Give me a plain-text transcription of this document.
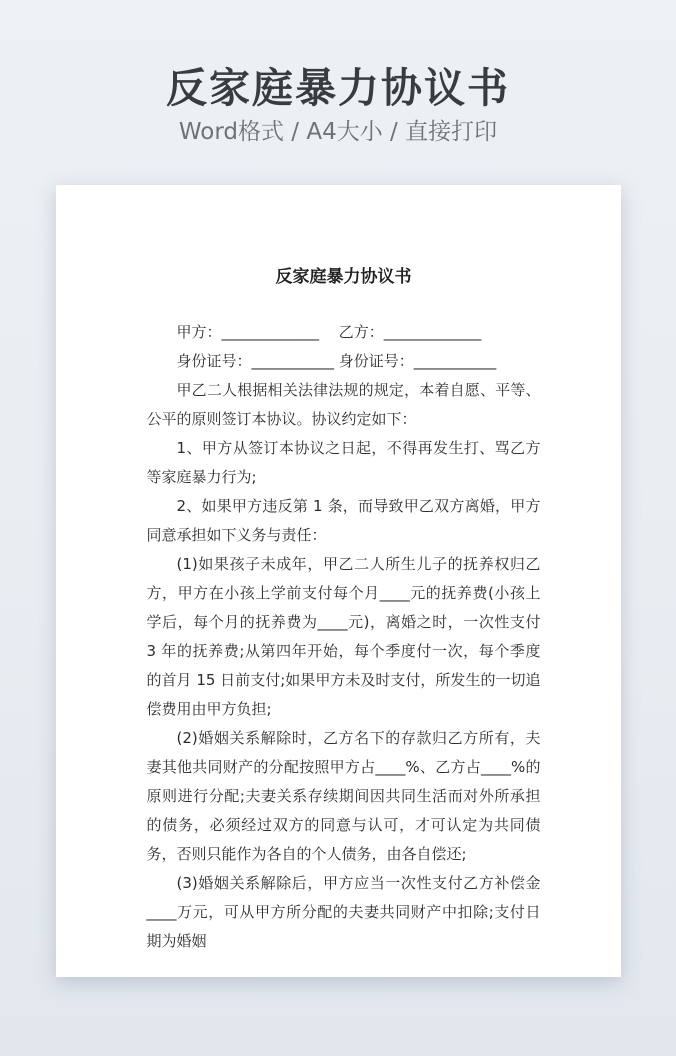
反家庭暴力协议书
Word格式 / A4大小 / 直接打印
反家庭暴力协议书

甲方：_____________ 　乙方：_____________

身份证号：___________ 身份证号：___________

甲乙二人根据相关法律法规的规定，本着自愿、平等、公平的原则签订本协议。协议约定如下：

1、甲方从签订本协议之日起，不得再发生打、骂乙方等家庭暴力行为;

2、如果甲方违反第 1 条，而导致甲乙双方离婚，甲方同意承担如下义务与责任：

(1)如果孩子未成年，甲乙二人所生儿子的抚养权归乙方，甲方在小孩上学前支付每个月____元的抚养费(小孩上学后，每个月的抚养费为____元)，离婚之时，一次性支付 3 年的抚养费;从第四年开始，每个季度付一次，每个季度的首月 15 日前支付;如果甲方未及时支付，所发生的一切追偿费用由甲方负担;

(2)婚姻关系解除时，乙方名下的存款归乙方所有，夫妻其他共同财产的分配按照甲方占____%、乙方占____%的原则进行分配;夫妻关系存续期间因共同生活而对外所承担的债务，必须经过双方的同意与认可，才可认定为共同债务，否则只能作为各自的个人债务，由各自偿还;

(3)婚姻关系解除后，甲方应当一次性支付乙方补偿金____万元，可从甲方所分配的夫妻共同财产中扣除;支付日期为婚姻
